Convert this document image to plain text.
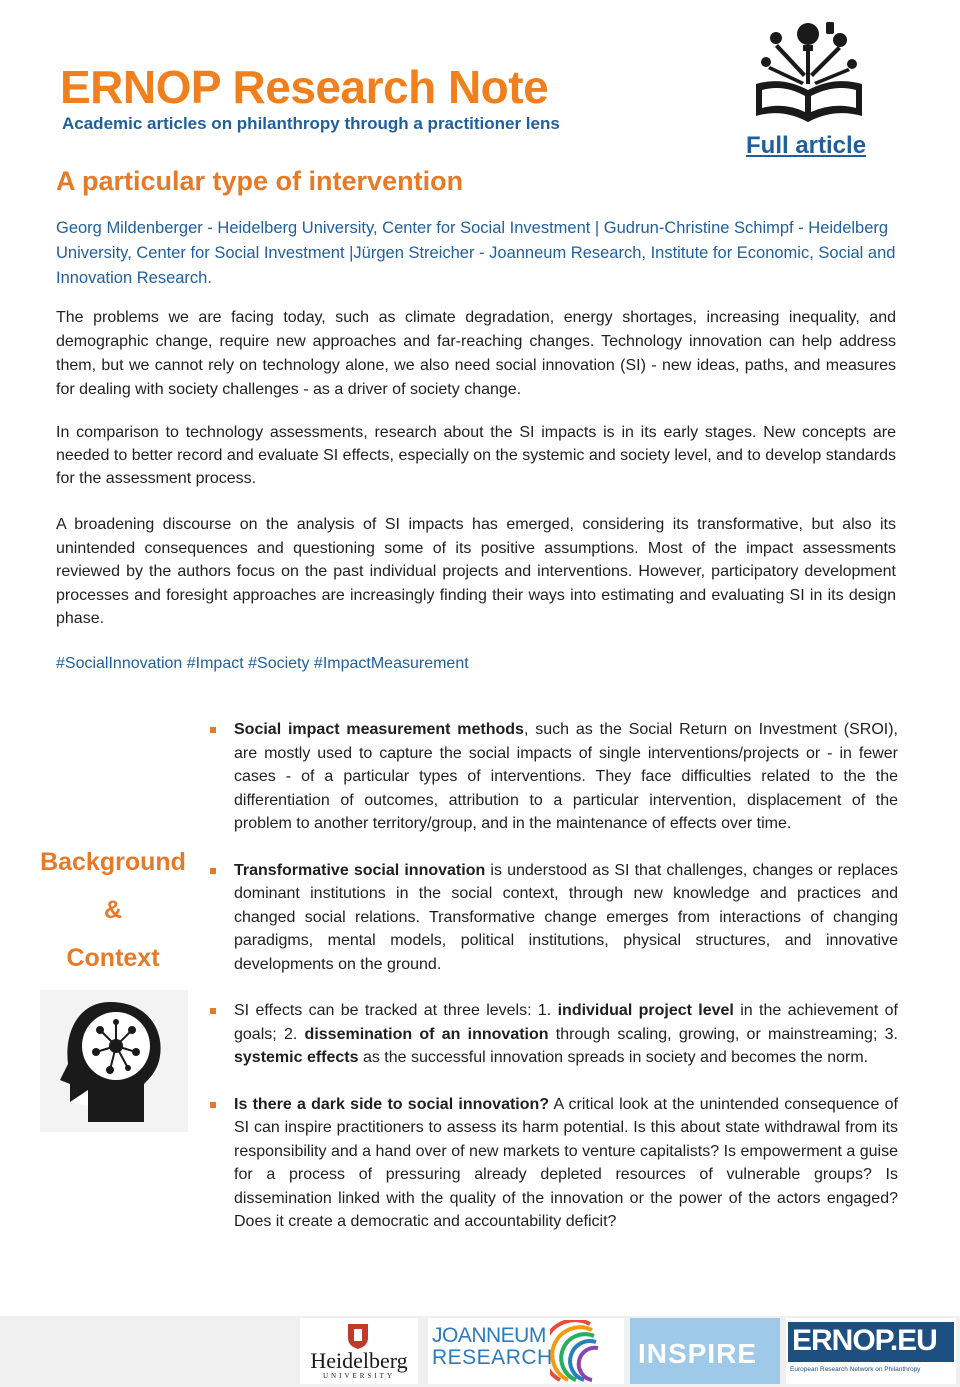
ERNOP Research Note
Academic articles on philanthropy through a practitioner lens
Full article
A particular type of intervention
Georg Mildenberger - Heidelberg University, Center for Social Investment | Gudrun-Christine Schimpf - Heidelberg University, Center for Social Investment |Jürgen Streicher - Joanneum Research, Institute for Economic, Social and Innovation Research.
The problems we are facing today, such as climate degradation, energy shortages, increasing inequality, and demographic change, require new approaches and far-reaching changes. Technology innovation can help address them, but we cannot rely on technology alone, we also need social innovation (SI) - new ideas, paths, and measures for dealing with society challenges - as a driver of society change.
In comparison to technology assessments, research about the SI impacts is in its early stages. New concepts are needed to better record and evaluate SI effects, especially on the systemic and society level, and to develop standards for the assessment process.
A broadening discourse on the analysis of SI impacts has emerged, considering its transformative, but also its unintended consequences and questioning some of its positive assumptions. Most of the impact assessments reviewed by the authors focus on the past individual projects and interventions. However, participatory development processes and foresight approaches are increasingly finding their ways into estimating and evaluating SI in its design phase.
#SocialInnovation #Impact #Society #ImpactMeasurement
Background
&
Context
Social impact measurement methods, such as the Social Return on Investment (SROI), are mostly used to capture the social impacts of single interventions/projects or - in fewer cases - of a particular types of interventions. They face difficulties related to the the differentiation of outcomes, attribution to a particular intervention, displacement of the problem to another territory/group, and in the maintenance of effects over time.
Transformative social innovation is understood as SI that challenges, changes or replaces dominant institutions in the social context, through new knowledge and practices and changed social relations. Transformative change emerges from interactions of changing paradigms, mental models, political institutions, physical structures, and innovative developments on the ground.
SI effects can be tracked at three levels: 1. individual project level in the achievement of goals; 2. dissemination of an innovation through scaling, growing, or mainstreaming; 3. systemic effects as the successful innovation spreads in society and becomes the norm.
Is there a dark side to social innovation? A critical look at the unintended consequence of SI can inspire practitioners to assess its harm potential. Is this about state withdrawal from its responsibility and a hand over of new markets to venture capitalists? Is empowerment a guise for a process of pressuring already depleted resources of vulnerable groups? Is dissemination linked with the quality of the innovation or the power of the actors engaged? Does it create a democratic and accountability deficit?
Heidelberg
UNIVERSITY
JOANNEUM
RESEARCH	INSPIRE ERNOP.EU
European Research Network on Philanthropy
